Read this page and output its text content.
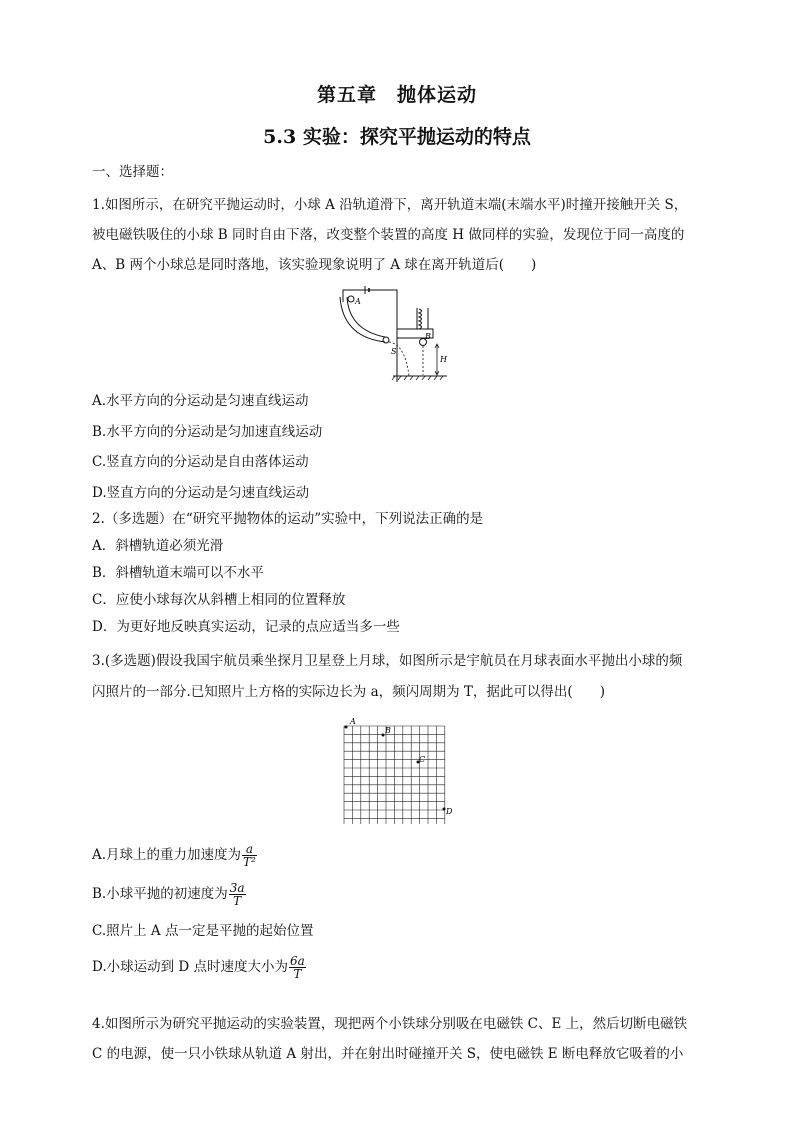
第五章　抛体运动
5.3 实验：探究平抛运动的特点
一、选择题：
1.如图所示，在研究平抛运动时，小球 A 沿轨道滑下，离开轨道末端(末端水平)时撞开接触开关 S，
被电磁铁吸住的小球 B 同时自由下落，改变整个装置的高度 H 做同样的实验，发现位于同一高度的
A、B 两个小球总是同时落地，该实验现象说明了 A 球在离开轨道后(　　)
A
B
S
H
A.水平方向的分运动是匀速直线运动
B.水平方向的分运动是匀加速直线运动
C.竖直方向的分运动是自由落体运动
D.竖直方向的分运动是匀速直线运动
2.（多选题）在“研究平抛物体的运动”实验中，下列说法正确的是
A．斜槽轨道必须光滑
B．斜槽轨道末端可以不水平
C．应使小球每次从斜槽上相同的位置释放
D．为更好地反映真实运动，记录的点应适当多一些
3.(多选题)假设我国宇航员乘坐探月卫星登上月球，如图所示是宇航员在月球表面水平抛出小球的频
闪照片的一部分.已知照片上方格的实际边长为 a，频闪周期为 T，据此可以得出(　　)
A
B
C
D
A.月球上的重力加速度为 $\frac{a}{\text{T²}}$
B.小球平抛的初速度为 $\frac{3a}{T}$
C.照片上 A 点一定是平抛的起始位置
D.小球运动到 D 点时速度大小为 $\frac{6a}{T}$
4.如图所示为研究平抛运动的实验装置，现把两个小铁球分别吸在电磁铁 C、E 上，然后切断电磁铁
C 的电源，使一只小铁球从轨道 A 射出，并在射出时碰撞开关 S，使电磁铁 E 断电释放它吸着的小
